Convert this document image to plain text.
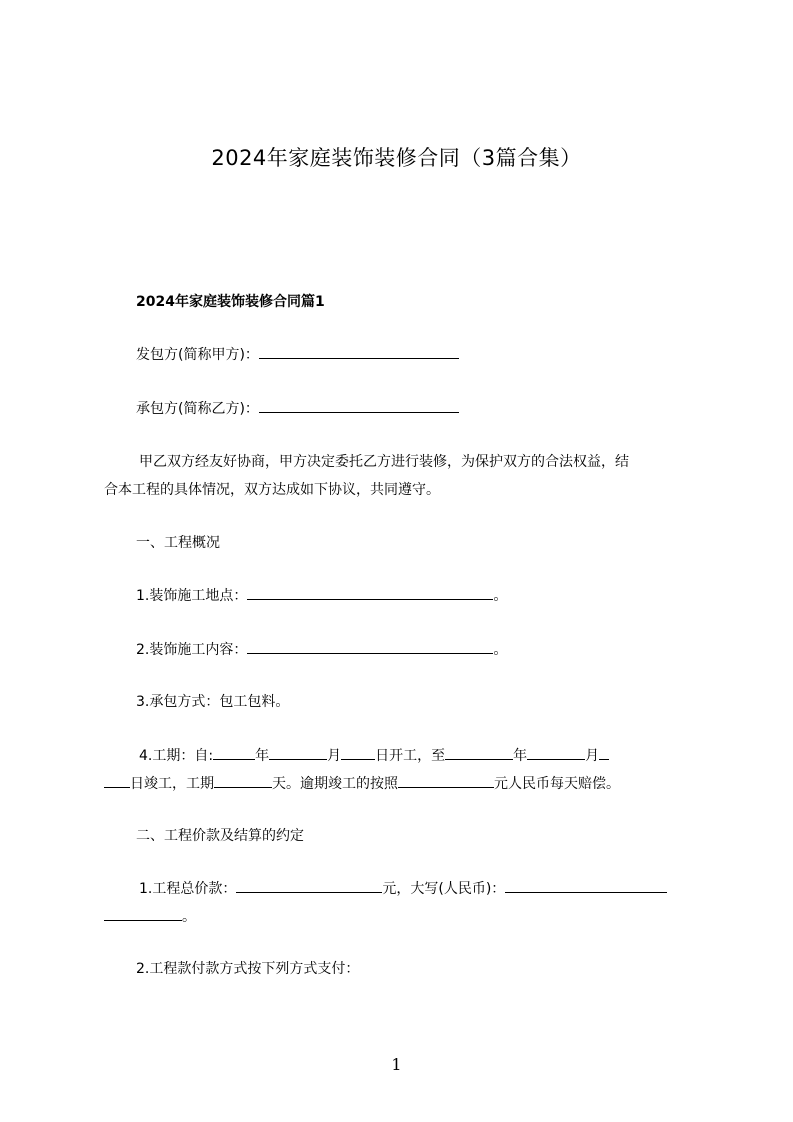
2024年家庭装饰装修合同（3篇合集）
2024年家庭装饰装修合同篇1
发包方(简称甲方)：
承包方(简称乙方)：
甲乙双方经友好协商，甲方决定委托乙方进行装修，为保护双方的合法权益，结
合本工程的具体情况，双方达成如下协议，共同遵守。
一、工程概况
1.装饰施工地点：	。
2.装饰施工内容：	。
3.承包方式：包工包料。
4.工期：自:	年	月 日开工，至	年	月
日竣工，工期	天。逾期竣工的按照	元人民币每天赔偿。
二、工程价款及结算的约定
1.工程总价款：	元，大写(人民币)：
。
2.工程款付款方式按下列方式支付：
1
